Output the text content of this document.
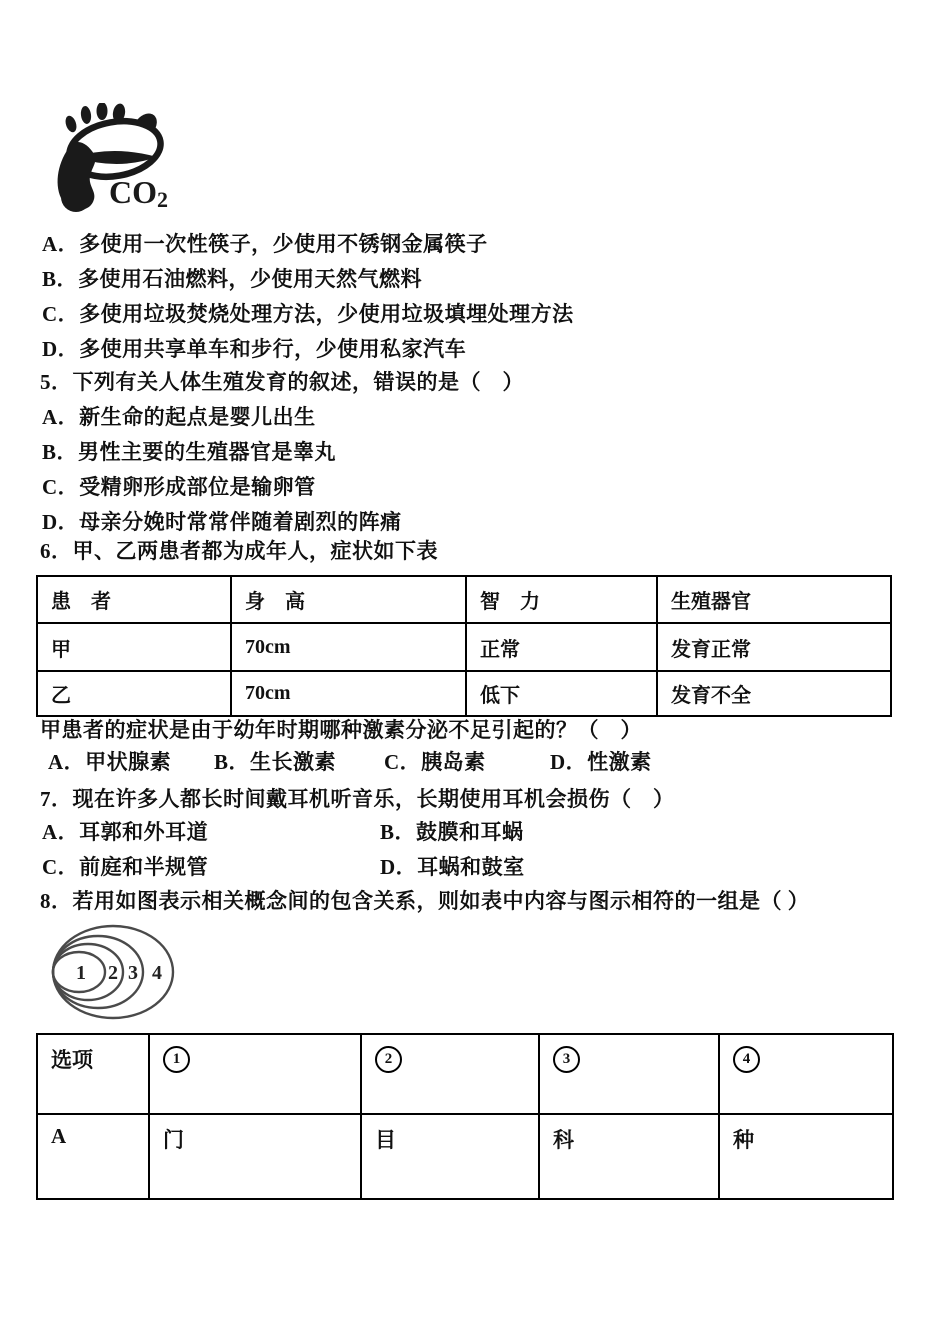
CO 2
A．多使用一次性筷子，少使用不锈钢金属筷子
B．多使用石油燃料，少使用天然气燃料
C．多使用垃圾焚烧处理方法，少使用垃圾填埋处理方法
D．多使用共享单车和步行，少使用私家汽车
5．下列有关人体生殖发育的叙述，错误的是（　）
A．新生命的起点是婴儿出生
B．男性主要的生殖器官是睾丸
C．受精卵形成部位是输卵管
D．母亲分娩时常常伴随着剧烈的阵痛
6．甲、乙两患者都为成年人，症状如下表
患　者	身　高	智　力	生殖器官
甲	70cm	正常	发育正常
乙	70cm	低下	发育不全
甲患者的症状是由于幼年时期哪种激素分泌不足引起的？（　）
A．甲状腺素 B．生长激素 C．胰岛素	D．性激素
7．现在许多人都长时间戴耳机听音乐，长期使用耳机会损伤（　）
A．耳郭和外耳道	B．鼓膜和耳蜗
C．前庭和半规管	D．耳蜗和鼓室
8．若用如图表示相关概念间的包含关系，则如表中内容与图示相符的一组是（ ）
1 2 3 4
选项	1	2	3	4
A	门	目	科	种
